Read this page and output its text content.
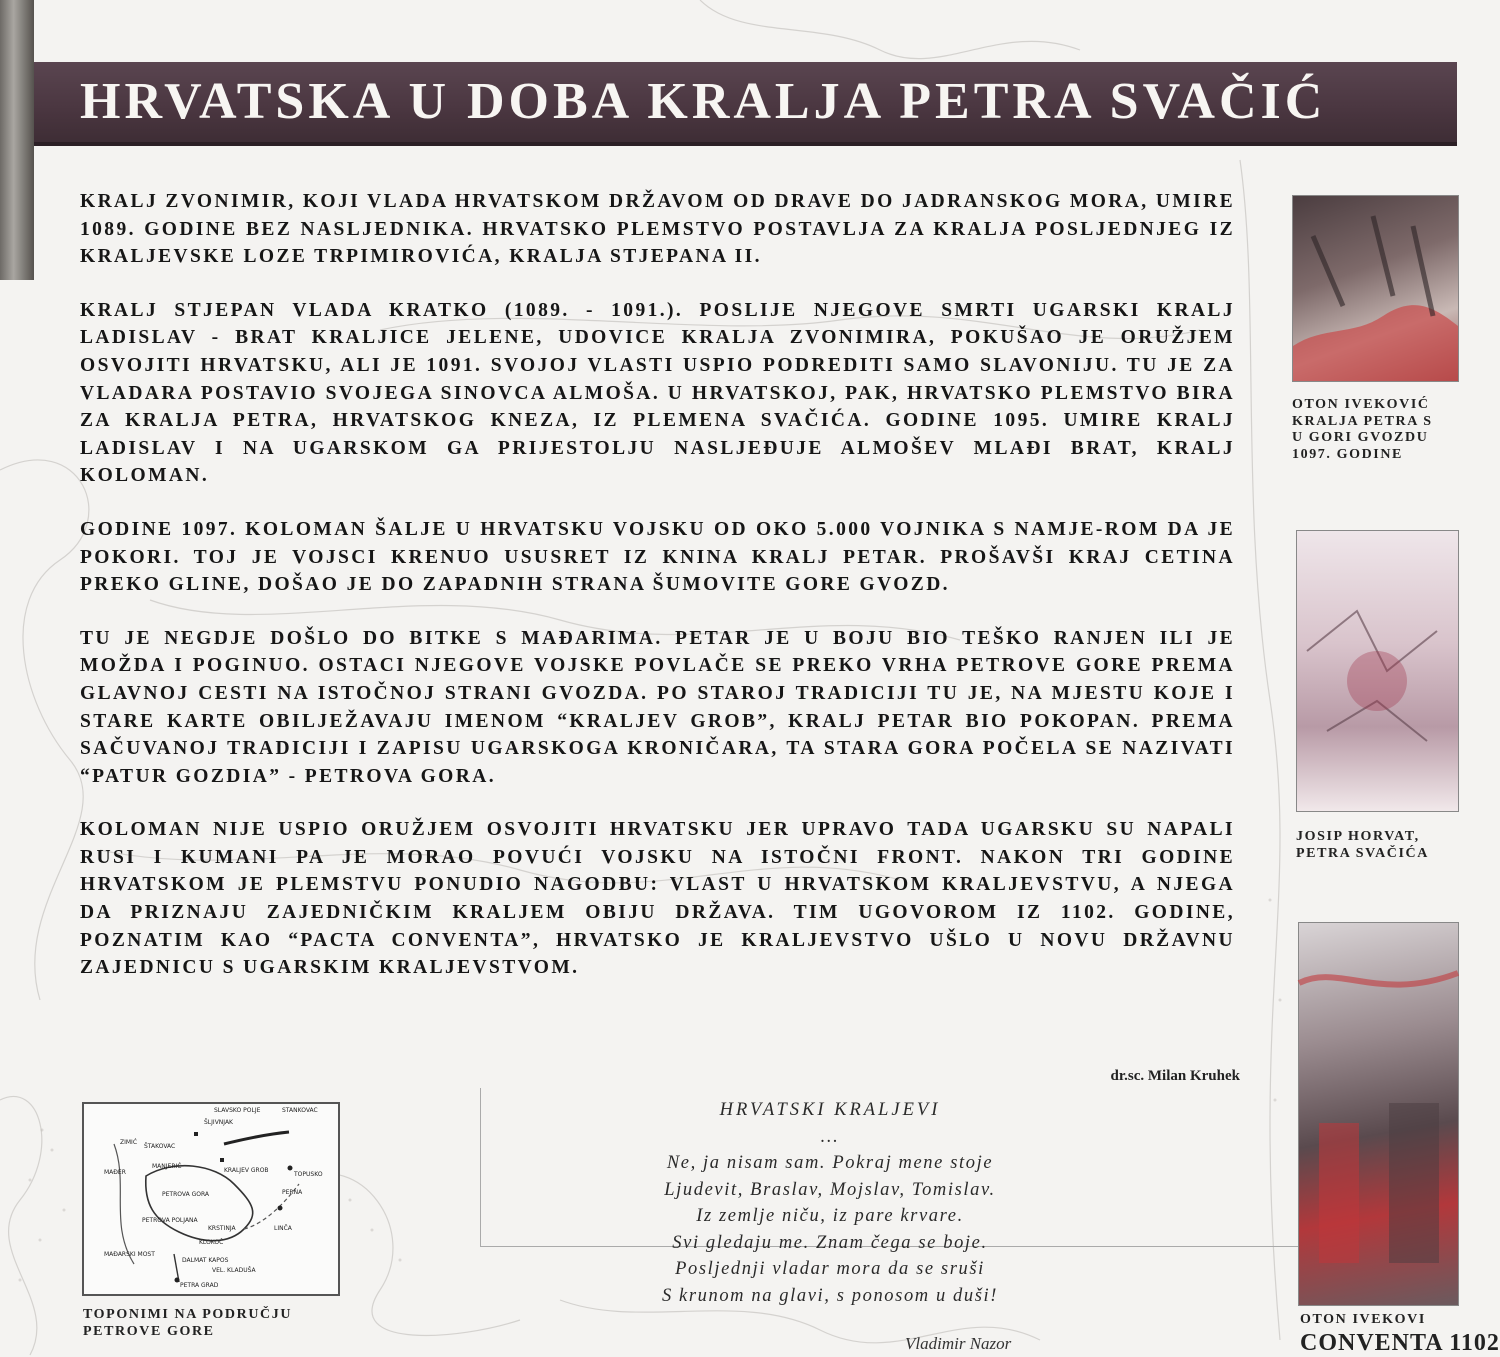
HRVATSKA U DOBA KRALJA PETRA SVAČIĆ

KRALJ ZVONIMIR, KOJI VLADA HRVATSKOM DRŽAVOM OD DRAVE DO JADRANSKOG MORA, UMIRE 1089. GODINE BEZ NASLJEDNIKA. HRVATSKO PLEMSTVO POSTAVLJA ZA KRALJA POSLJEDNJEG IZ KRALJEVSKE LOZE TRPIMIROVIĆA, KRALJA STJEPANA II.

KRALJ STJEPAN VLADA KRATKO (1089. - 1091.). POSLIJE NJEGOVE SMRTI UGARSKI KRALJ LADISLAV - BRAT KRALJICE JELENE, UDOVICE KRALJA ZVONIMIRA, POKUŠAO JE ORUŽJEM OSVOJITI HRVATSKU, ALI JE 1091. SVOJOJ VLASTI USPIO PODREDITI SAMO SLAVONIJU. TU JE ZA VLADARA POSTAVIO SVOJEGA SINOVCA ALMOŠA. U HRVATSKOJ, PAK, HRVATSKO PLEMSTVO BIRA ZA KRALJA PETRA, HRVATSKOG KNEZA, IZ PLEMENA SVAČIĆA. GODINE 1095. UMIRE KRALJ LADISLAV I NA UGARSKOM GA PRIJESTOLJU NASLJEĐUJE ALMOŠEV MLAĐI BRAT, KRALJ KOLOMAN.

GODINE 1097. KOLOMAN ŠALJE U HRVATSKU VOJSKU OD OKO 5.000 VOJNIKA S NAMJE-ROM DA JE POKORI. TOJ JE VOJSCI KRENUO USUSRET IZ KNINA KRALJ PETAR. PROŠAVŠI KRAJ CETINA PREKO GLINE, DOŠAO JE DO ZAPADNIH STRANA ŠUMOVITE GORE GVOZD.

TU JE NEGDJE DOŠLO DO BITKE S MAĐARIMA. PETAR JE U BOJU BIO TEŠKO RANJEN ILI JE MOŽDA I POGINUO. OSTACI NJEGOVE VOJSKE POVLAČE SE PREKO VRHA PETROVE GORE PREMA GLAVNOJ CESTI NA ISTOČNOJ STRANI GVOZDA. PO STAROJ TRADICIJI TU JE, NA MJESTU KOJE I STARE KARTE OBILJEŽAVAJU IMENOM “KRALJEV GROB”, KRALJ PETAR BIO POKOPAN. PREMA SAČUVANOJ TRADICIJI I ZAPISU UGARSKOGA KRONIČARA, TA STARA GORA POČELA SE NAZIVATI “PATUR GOZDIA” - PETROVA GORA.

KOLOMAN NIJE USPIO ORUŽJEM OSVOJITI HRVATSKU JER UPRAVO TADA UGARSKU SU NAPALI RUSI I KUMANI PA JE MORAO POVUĆI VOJSKU NA ISTOČNI FRONT. NAKON TRI GODINE HRVATSKOM JE PLEMSTVU PONUDIO NAGODBU: VLAST U HRVATSKOM KRALJEVSTVU, A NJEGA DA PRIZNAJU ZAJEDNIČKIM KRALJEM OBIJU DRŽAVA. TIM UGOVOROM IZ 1102. GODINE, POZNATIM KAO “PACTA CONVENTA”, HRVATSKO JE KRALJEVSTVO UŠLO U NOVU DRŽAVNU ZAJEDNICU S UGARSKIM KRALJEVSTVOM.

dr.sc. Milan Kruhek
HRVATSKI KRALJEVI
...
Ne, ja nisam sam. Pokraj mene stoje
Ljudevit, Braslav, Mojslav, Tomislav.
Iz zemlje niču, iz pare krvare.
Svi gledaju me. Znam čega se boje.
Posljednji vladar mora da se sruši
S krunom na glavi, s ponosom u duši!
Vladimir Nazor
SLAVSKO POLJE	STANKOVAC
ZIMIĆ
ŠTAKOVAC
ŠLJIVNJAK
MANJERIĆ
MAĐER	KRALJEV GROB
TOPUSKO
PETROVA GORA	PERNA
PETROVA POLJANA
KRSTINJA	LINČA
MAĐARSKI MOST
KLOKOČ
DALMAT KAPOS
VEL. KLADUŠA
PETRA GRAD
TOPONIMI NA PODRUČJU
PETROVE GORE
OTON IVEKOVIĆ
KRALJA PETRA S
U GORI GVOZDU
1097. GODINE
JOSIP HORVAT,
PETRA SVAČIĆA
OTON IVEKOVI
CONVENTA 1102
